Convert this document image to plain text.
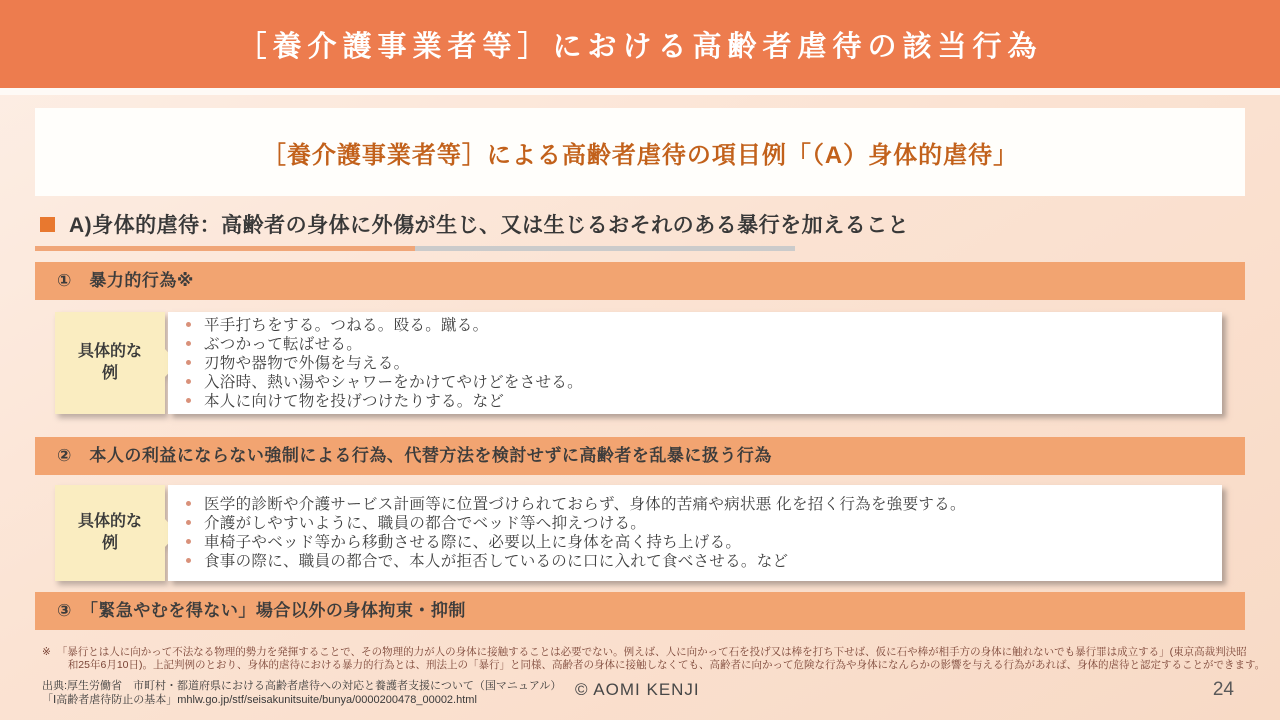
［養介護事業者等］における高齢者虐待の該当行為
［養介護事業者等］による高齢者虐待の項目例「（A）身体的虐待」
A)身体的虐待：高齢者の身体に外傷が生じ、又は生じるおそれのある暴行を加えること
①　暴力的行為※
具体的な例
平手打ちをする。つねる。殴る。蹴る。
ぶつかって転ばせる。
刃物や器物で外傷を与える。
入浴時、熱い湯やシャワーをかけてやけどをさせる。
本人に向けて物を投げつけたりする。など
②　本人の利益にならない強制による行為、代替方法を検討せずに高齢者を乱暴に扱う行為
具体的な例
医学的診断や介護サービス計画等に位置づけられておらず、身体的苦痛や病状悪 化を招く行為を強要する。
介護がしやすいように、職員の都合でベッド等へ抑えつける。
車椅子やベッド等から移動させる際に、必要以上に身体を高く持ち上げる。
食事の際に、職員の都合で、本人が拒否しているのに口に入れて食べさせる。など
③　「緊急やむを得ない」場合以外の身体拘束・抑制
※ 「暴行とは人に向かって不法なる物理的勢力を発揮することで、その物理的力が人の身体に接触することは必要でない。例えば、人に向かって石を投げ又は棒を打ち下せば、仮に石や棒が相手方の身体に触れないでも暴行罪は成立する」(東京高裁判決昭
和25年6月10日)。上記判例のとおり、身体的虐待における暴力的行為とは、刑法上の「暴行」と同様、高齢者の身体に接触しなくても、高齢者に向かって危険な行為や身体になんらかの影響を与える行為があれば、身体的虐待と認定することができます。
出典:厚生労働省　市町村・都道府県における高齢者虐待への対応と養護者支援について（国マニュアル）
「Ⅰ高齢者虐待防止の基本」mhlw.go.jp/stf/seisakunitsuite/bunya/0000200478_00002.html
© AOMI KENJI	24
